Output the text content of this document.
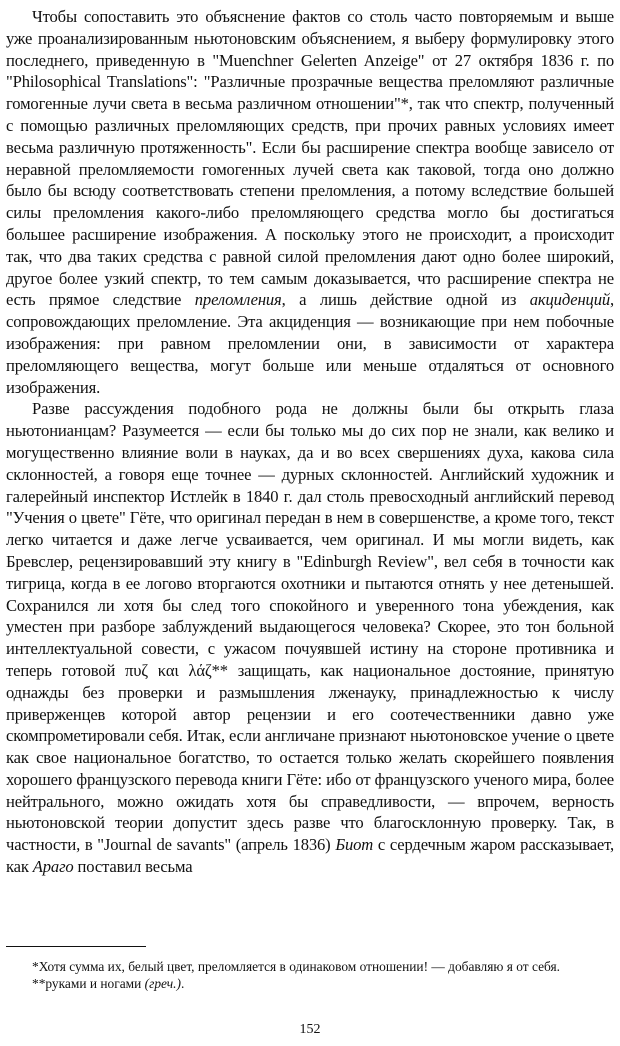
Чтобы сопоставить это объяснение фактов со столь часто повторяемым и выше уже проанализированным ньютоновским объяснением, я выберу формулировку этого последнего, приведенную в "Muenchner Gelerten Anzeige" от 27 октября 1836 г. по "Philosophical Translations": "Различные прозрачные вещества преломляют различные гомогенные лучи света в весьма различном отношении"*, так что спектр, полученный с помощью различных преломляющих средств, при прочих равных условиях имеет весьма различную протяженность". Если бы расширение спектра вообще зависело от неравной преломляемости гомогенных лучей света как таковой, тогда оно должно было бы всюду соответствовать степени преломления, а потому вследствие большей силы преломления какого-либо преломляющего средства могло бы достигаться большее расширение изображения. А поскольку этого не происходит, а происходит так, что два таких средства с равной силой преломления дают одно более широкий, другое более узкий спектр, то тем самым доказывается, что расширение спектра не есть прямое следствие преломления, а лишь действие одной из акциденций, сопровождающих преломление. Эта акциденция — возникающие при нем побочные изображения: при равном преломлении они, в зависимости от характера преломляющего вещества, могут больше или меньше отдаляться от основного изображения.

Разве рассуждения подобного рода не должны были бы открыть глаза ньютонианцам? Разумеется — если бы только мы до сих пор не знали, как велико и могущественно влияние воли в науках, да и во всех свершениях духа, какова сила склонностей, а говоря еще точнее — дурных склонностей. Английский художник и галерейный инспектор Истлейк в 1840 г. дал столь превосходный английский перевод "Учения о цвете" Гёте, что оригинал передан в нем в совершенстве, а кроме того, текст легко читается и даже легче усваивается, чем оригинал. И мы могли видеть, как Бревслер, рецензировавший эту книгу в "Edinburgh Review", вел себя в точности как тигрица, когда в ее логово вторгаются охотники и пытаются отнять у нее детенышей. Сохранился ли хотя бы след того спокойного и уверенного тона убеждения, как уместен при разборе заблуждений выдающегося человека? Скорее, это тон больной интеллектуальной совести, с ужасом почуявшей истину на стороне противника и теперь готовой πυζ και λάζ** защищать, как национальное достояние, принятую однажды без проверки и размышления лженауку, принадлежностью к числу приверженцев которой автор рецензии и его соотечественники давно уже скомпрометировали себя. Итак, если англичане признают ньютоновское учение о цвете как свое национальное богатство, то остается только желать скорейшего появления хорошего французского перевода книги Гёте: ибо от французского ученого мира, более нейтрального, можно ожидать хотя бы справедливости, — впрочем, верность ньютоновской теории допустит здесь разве что благосклонную проверку. Так, в частности, в "Journal de savants" (апрель 1836) Биот с сердечным жаром рассказывает, как Араго поставил весьма

*Хотя сумма их, белый цвет, преломляется в одинаковом отношении! — добавляю я от себя.

**руками и ногами (греч.).

152
